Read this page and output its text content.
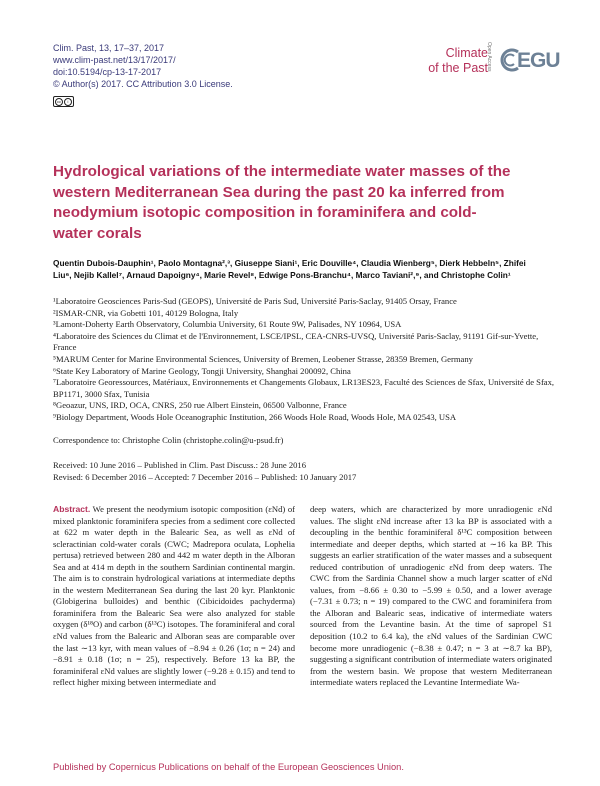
Clim. Past, 13, 17–37, 2017
www.clim-past.net/13/17/2017/
doi:10.5194/cp-13-17-2017
© Author(s) 2017. CC Attribution 3.0 License.
cc	i
Climate
of the Past
Open Access EGU
Hydrological variations of the intermediate water masses of the western Mediterranean Sea during the past 20 ka inferred from neodymium isotopic composition in foraminifera and cold-water corals
Quentin Dubois-Dauphin¹, Paolo Montagna²,³, Giuseppe Siani¹, Eric Douville⁴, Claudia Wienberg⁵, Dierk Hebbeln⁵, Zhifei Liu⁶, Nejib Kallel⁷, Arnaud Dapoigny⁴, Marie Revel⁸, Edwige Pons-Branchu⁴, Marco Taviani²,⁹, and Christophe Colin¹
¹Laboratoire Geosciences Paris-Sud (GEOPS), Université de Paris Sud, Université Paris-Saclay, 91405 Orsay, France
²ISMAR-CNR, via Gobetti 101, 40129 Bologna, Italy
³Lamont-Doherty Earth Observatory, Columbia University, 61 Route 9W, Palisades, NY 10964, USA
⁴Laboratoire des Sciences du Climat et de l'Environnement, LSCE/IPSL, CEA-CNRS-UVSQ, Université Paris-Saclay, 91191 Gif-sur-Yvette, France
⁵MARUM Center for Marine Environmental Sciences, University of Bremen, Leobener Strasse, 28359 Bremen, Germany
⁶State Key Laboratory of Marine Geology, Tongji University, Shanghai 200092, China
⁷Laboratoire Georessources, Matériaux, Environnements et Changements Globaux, LR13ES23, Faculté des Sciences de Sfax, Université de Sfax, BP1171, 3000 Sfax, Tunisia
⁸Geoazur, UNS, IRD, OCA, CNRS, 250 rue Albert Einstein, 06500 Valbonne, France
⁹Biology Department, Woods Hole Oceanographic Institution, 266 Woods Hole Road, Woods Hole, MA 02543, USA
Correspondence to: Christophe Colin (christophe.colin@u-psud.fr)
Received: 10 June 2016 – Published in Clim. Past Discuss.: 28 June 2016
Revised: 6 December 2016 – Accepted: 7 December 2016 – Published: 10 January 2017
Abstract. We present the neodymium isotopic composition (εNd) of mixed planktonic foraminifera species from a sediment core collected at 622 m water depth in the Balearic Sea, as well as εNd of scleractinian cold-water corals (CWC; Madrepora oculata, Lophelia pertusa) retrieved between 280 and 442 m water depth in the Alboran Sea and at 414 m depth in the southern Sardinian continental margin. The aim is to constrain hydrological variations at intermediate depths in the western Mediterranean Sea during the last 20 kyr. Planktonic (Globigerina bulloides) and benthic (Cibicidoides pachyderma) foraminifera from the Balearic Sea were also analyzed for stable oxygen (δ¹⁸O) and carbon (δ¹³C) isotopes. The foraminiferal and coral εNd values from the Balearic and Alboran seas are comparable over the last ∼13 kyr, with mean values of −8.94 ± 0.26 (1σ; n = 24) and −8.91 ± 0.18 (1σ; n = 25), respectively. Before 13 ka BP, the foraminiferal εNd values are slightly lower (−9.28 ± 0.15) and tend to reflect higher mixing between intermediate and
deep waters, which are characterized by more unradiogenic εNd values. The slight εNd increase after 13 ka BP is associated with a decoupling in the benthic foraminiferal δ¹³C composition between intermediate and deeper depths, which started at ∼16 ka BP. This suggests an earlier stratification of the water masses and a subsequent reduced contribution of unradiogenic εNd from deep waters. The CWC from the Sardinia Channel show a much larger scatter of εNd values, from −8.66 ± 0.30 to −5.99 ± 0.50, and a lower average (−7.31 ± 0.73; n = 19) compared to the CWC and foraminifera from the Alboran and Balearic seas, indicative of intermediate waters sourced from the Levantine basin. At the time of sapropel S1 deposition (10.2 to 6.4 ka), the εNd values of the Sardinian CWC become more unradiogenic (−8.38 ± 0.47; n = 3 at ∼8.7 ka BP), suggesting a significant contribution of intermediate waters originated from the western basin. We propose that western Mediterranean intermediate waters replaced the Levantine Intermediate Wa-
Published by Copernicus Publications on behalf of the European Geosciences Union.
